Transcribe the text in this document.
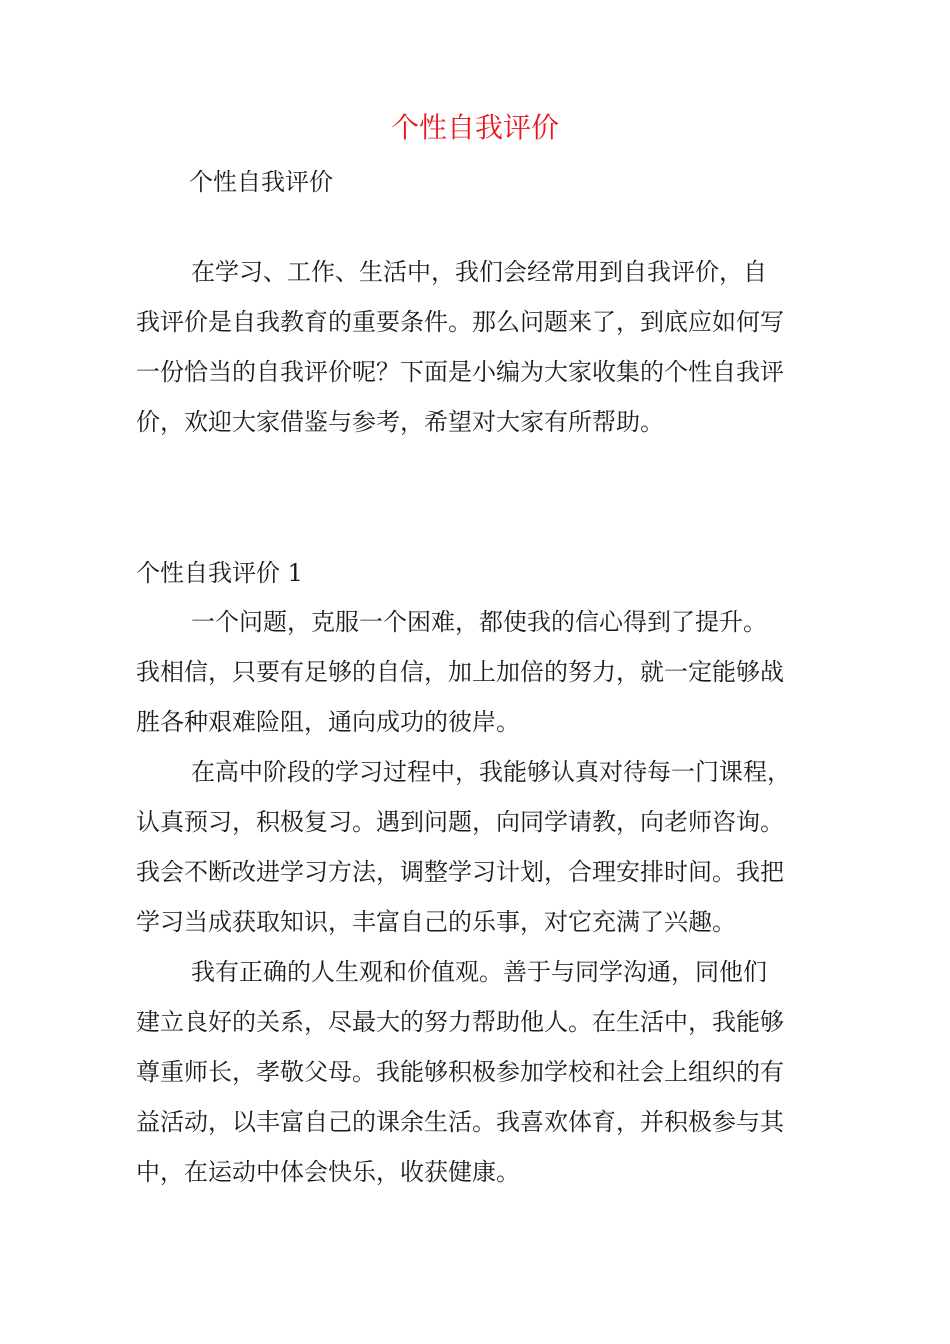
个性自我评价
个性自我评价
在学习、工作、生活中，我们会经常用到自我评价，自
我评价是自我教育的重要条件。那么问题来了，到底应如何写
一份恰当的自我评价呢？下面是小编为大家收集的个性自我评
价，欢迎大家借鉴与参考，希望对大家有所帮助。
个性自我评价 1
一个问题，克服一个困难，都使我的信心得到了提升。
我相信，只要有足够的自信，加上加倍的努力，就一定能够战
胜各种艰难险阻，通向成功的彼岸。
在高中阶段的学习过程中，我能够认真对待每一门课程，
认真预习，积极复习。遇到问题，向同学请教，向老师咨询。
我会不断改进学习方法，调整学习计划，合理安排时间。我把
学习当成获取知识，丰富自己的乐事，对它充满了兴趣。
我有正确的人生观和价值观。善于与同学沟通，同他们
建立良好的关系，尽最大的努力帮助他人。在生活中，我能够
尊重师长，孝敬父母。我能够积极参加学校和社会上组织的有
益活动，以丰富自己的课余生活。我喜欢体育，并积极参与其
中，在运动中体会快乐，收获健康。
